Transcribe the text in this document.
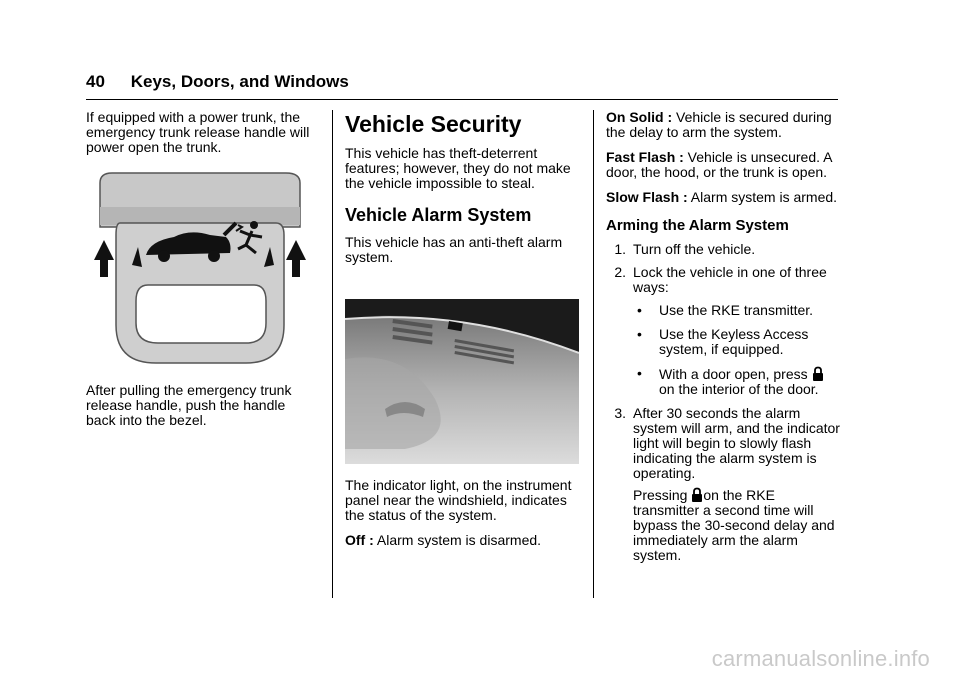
40 Keys, Doors, and Windows

If equipped with a power trunk, the emergency trunk release handle will power open the trunk.

After pulling the emergency trunk release handle, push the handle back into the bezel.

Vehicle Security

This vehicle has theft-deterrent features; however, they do not make the vehicle impossible to steal.

Vehicle Alarm System

This vehicle has an anti-theft alarm system.

The indicator light, on the instrument panel near the windshield, indicates the status of the system.

Off : Alarm system is disarmed.

On Solid : Vehicle is secured during the delay to arm the system.

Fast Flash : Vehicle is unsecured. A door, the hood, or the trunk is open.

Slow Flash : Alarm system is armed.

Arming the Alarm System
1. Turn off the vehicle.
2. Lock the vehicle in one of three ways:
• Use the RKE transmitter.
• Use the Keyless Access system, if equipped.
• With a door open, press
on the interior of the door.
3. After 30 seconds the alarm system will arm, and the indicator light will begin to slowly flash indicating the alarm system is operating.
Pressing on the RKE transmitter a second time will bypass the 30-second delay and immediately arm the alarm system.
carmanualsonline.info
